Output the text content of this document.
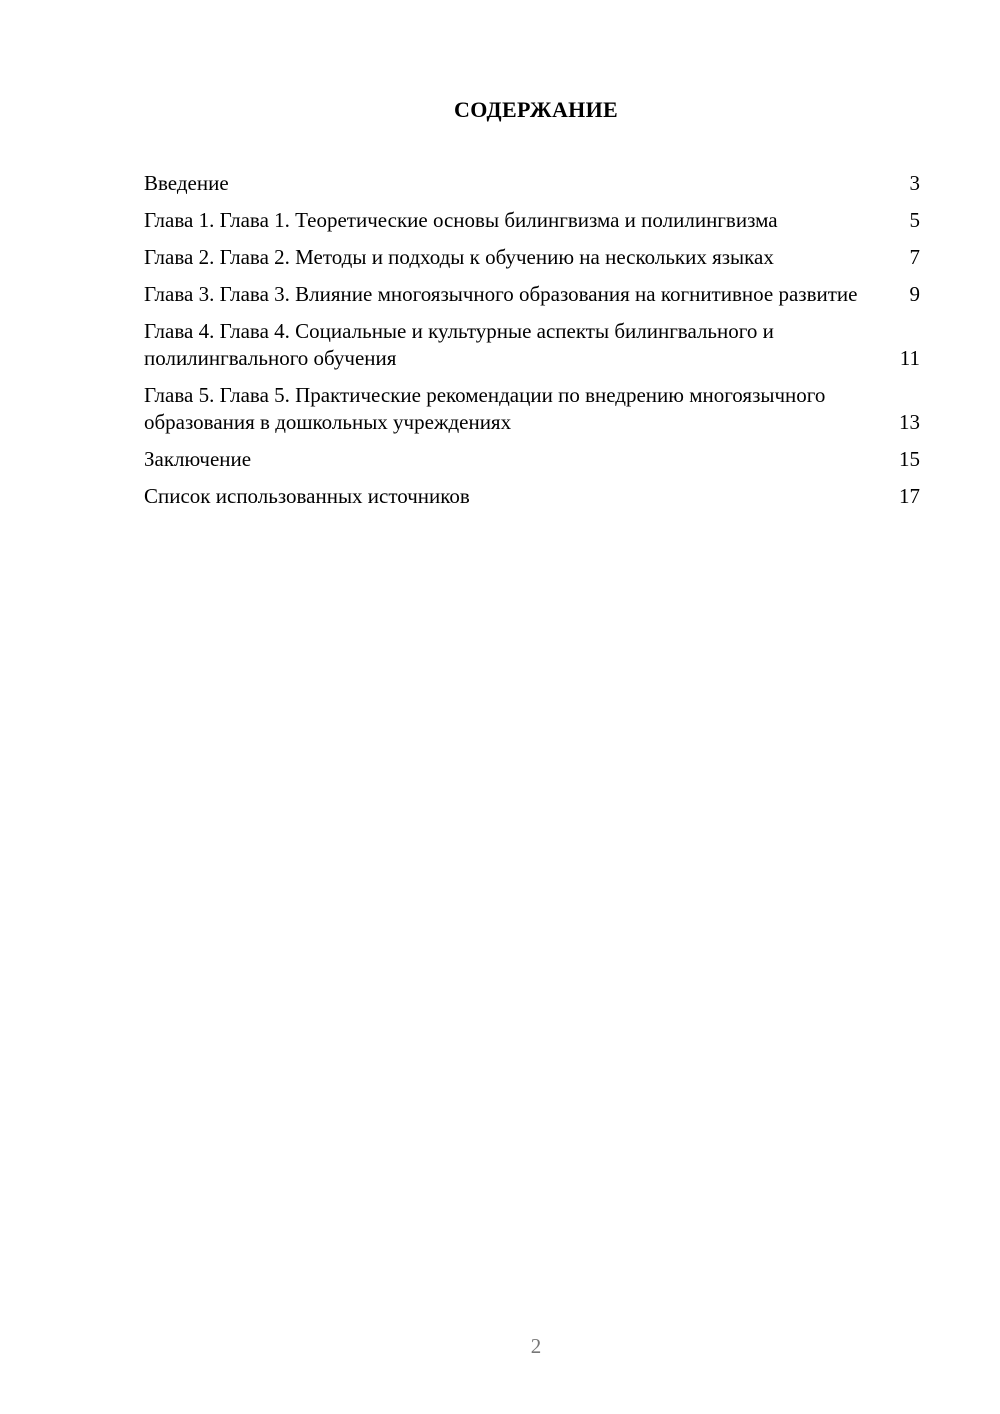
СОДЕРЖАНИЕ
Введение	3
Глава 1. Глава 1. Теоретические основы билингвизма и полилингвизма	5
Глава 2. Глава 2. Методы и подходы к обучению на нескольких языках	7
Глава 3. Глава 3. Влияние многоязычного образования на когнитивное развитие	9
Глава 4. Глава 4. Социальные и культурные аспекты билингвального и полилингвального обучения	11
Глава 5. Глава 5. Практические рекомендации по внедрению многоязычного образования в дошкольных учреждениях	13
Заключение	15
Список использованных источников	17
2
